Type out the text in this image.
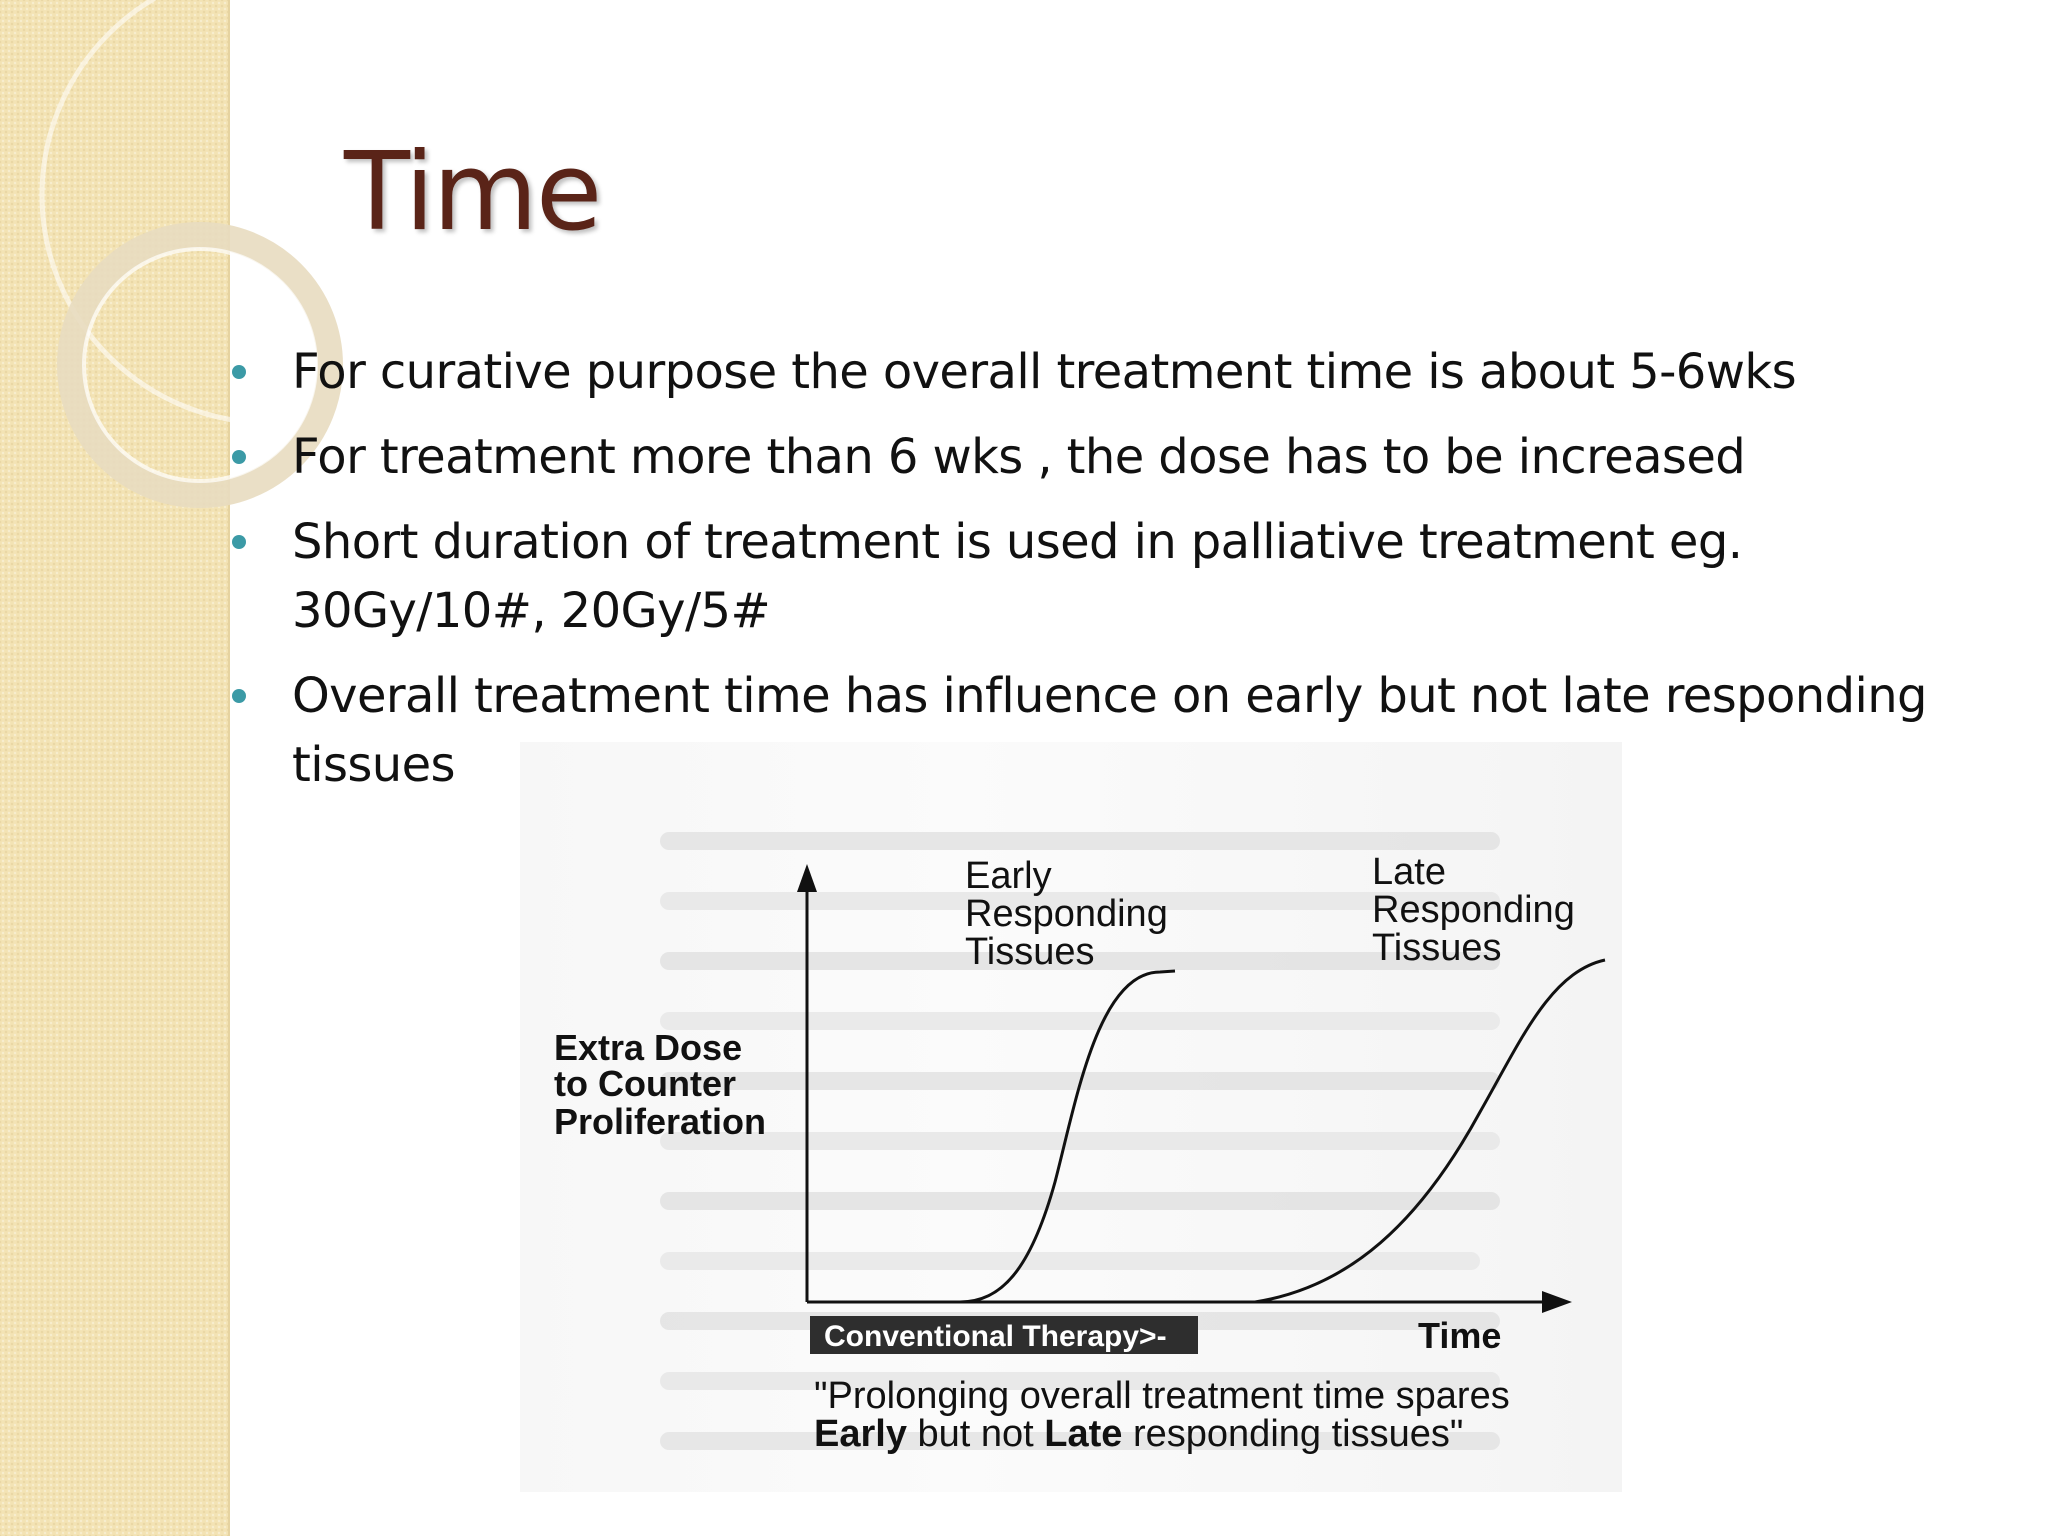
Time
For curative purpose the overall treatment time is about 5-6wks
For treatment more than 6 wks , the dose has to be increased
Short duration of treatment is used in palliative treatment eg. 30Gy/10#, 20Gy/5#
Overall treatment time has influence on early but not late responding tissues
Early Responding Tissues
Late Responding Tissues
Extra Dose to Counter Proliferation
Conventional Therapy>-	Time
"Prolonging overall treatment time spares
Early but not Late responding tissues"
